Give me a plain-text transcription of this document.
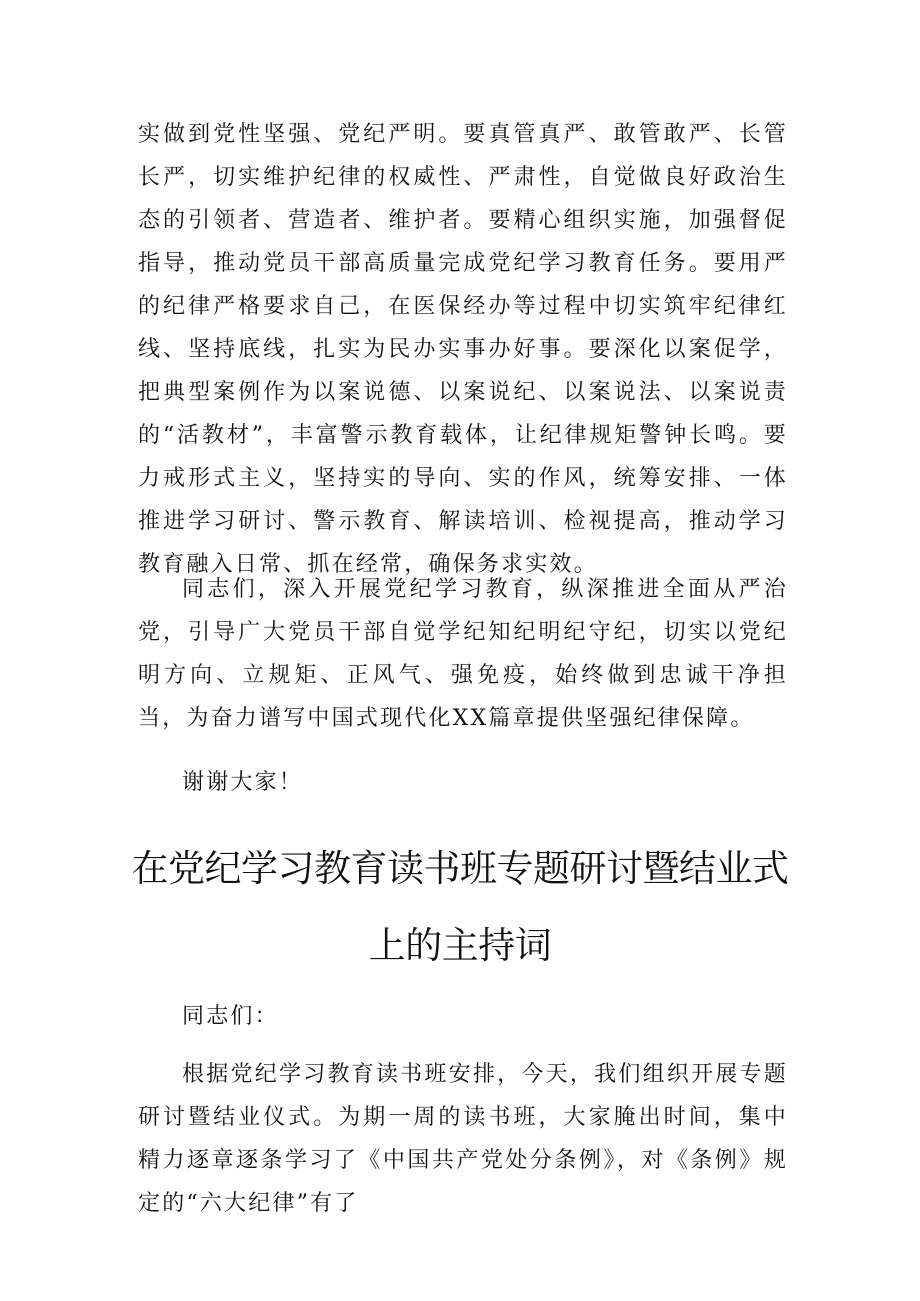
实做到党性坚强、党纪严明。要真管真严、敢管敢严、长管长严，切实维护纪律的权威性、严肃性，自觉做良好政治生态的引领者、营造者、维护者。要精心组织实施，加强督促指导，推动党员干部高质量完成党纪学习教育任务。要用严的纪律严格要求自己，在医保经办等过程中切实筑牢纪律红线、坚持底线，扎实为民办实事办好事。要深化以案促学，把典型案例作为以案说德、以案说纪、以案说法、以案说责的“活教材”，丰富警示教育载体，让纪律规矩警钟长鸣。要力戒形式主义，坚持实的导向、实的作风，统筹安排、一体推进学习研讨、警示教育、解读培训、检视提高，推动学习教育融入日常、抓在经常，确保务求实效。

同志们，深入开展党纪学习教育，纵深推进全面从严治党，引导广大党员干部自觉学纪知纪明纪守纪，切实以党纪明方向、立规矩、正风气、强免疫，始终做到忠诚干净担当，为奋力谱写中国式现代化XX篇章提供坚强纪律保障。

谢谢大家！

在党纪学习教育读书班专题研讨暨结业式
上的主持词

同志们：

根据党纪学习教育读书班安排，今天，我们组织开展专题研讨暨结业仪式。为期一周的读书班，大家腌出时间，集中精力逐章逐条学习了《中国共产党处分条例》，对《条例》规定的“六大纪律”有了
